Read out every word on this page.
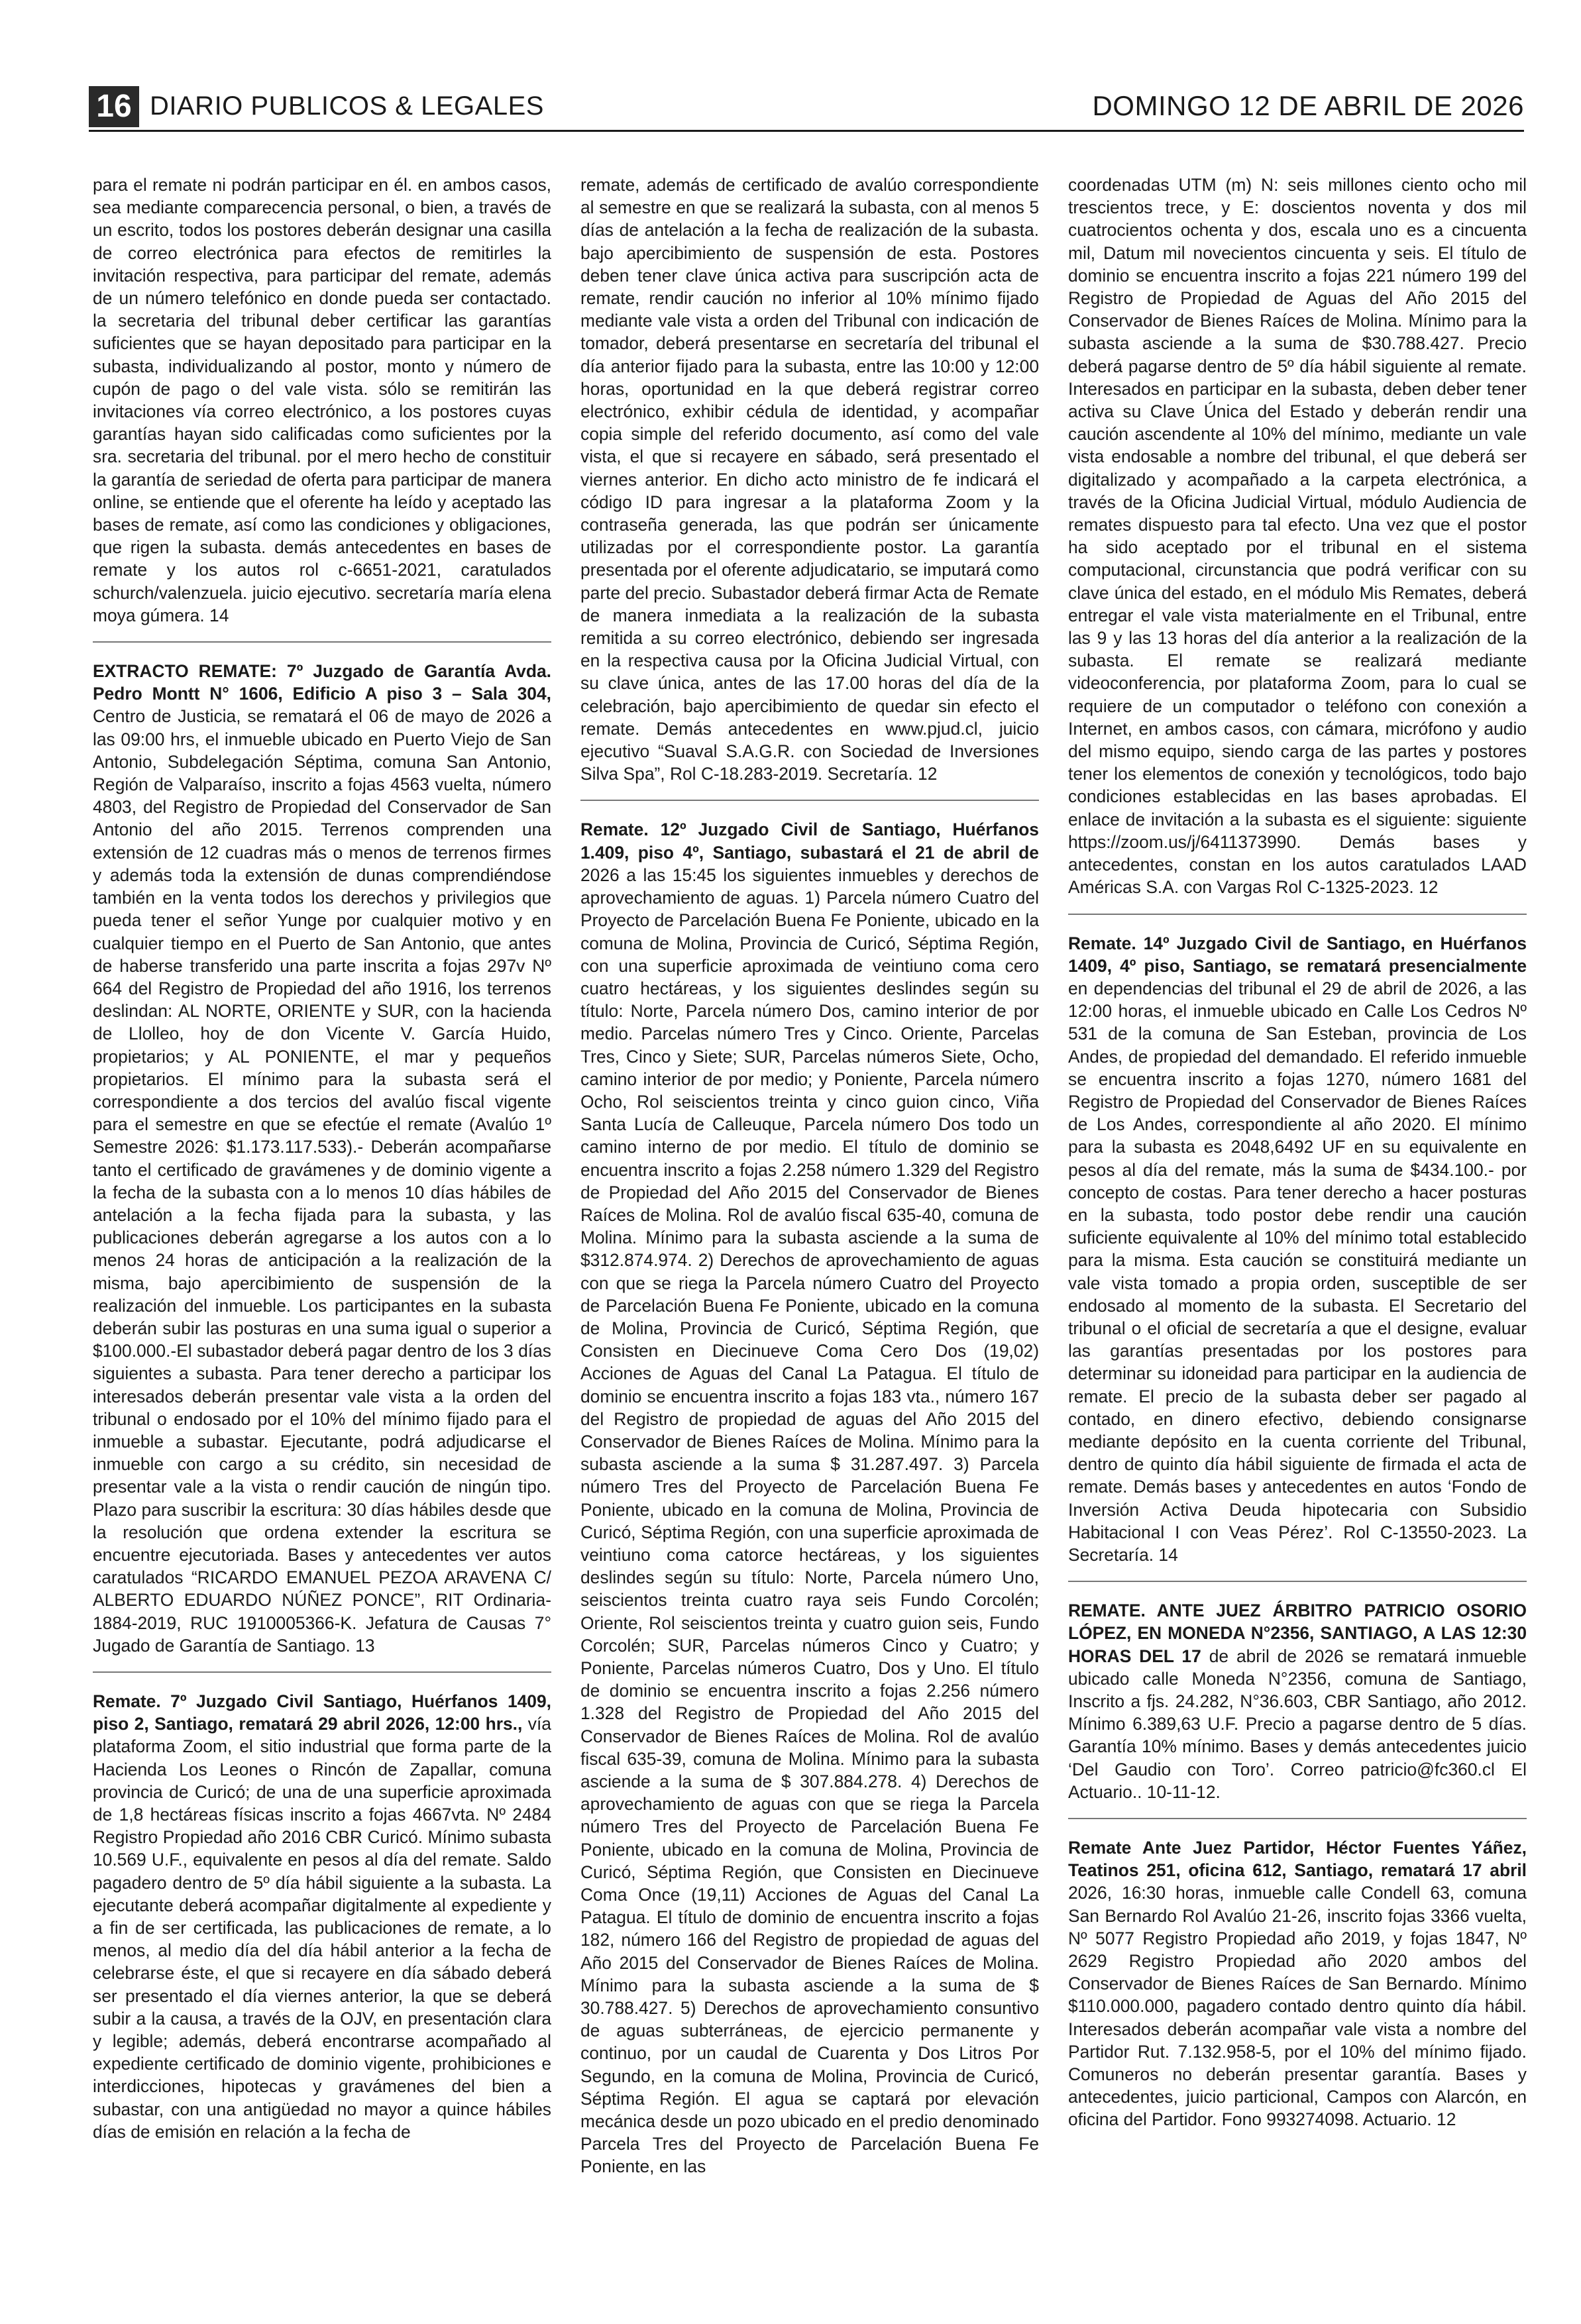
16 DIARIO PUBLICOS & LEGALES	DOMINGO 12 DE ABRIL DE 2026

para el remate ni podrán participar en él. en ambos casos, sea mediante comparecencia personal, o bien, a través de un escrito, todos los postores deberán designar una casilla de correo electrónica para efectos de remitirles la invitación respectiva, para participar del remate, además de un número telefónico en donde pueda ser contactado. la secretaria del tribunal deber certificar las garantías suficientes que se hayan depositado para participar en la subasta, individualizando al postor, monto y número de cupón de pago o del vale vista. sólo se remitirán las invitaciones vía correo electrónico, a los postores cuyas garantías hayan sido calificadas como suficientes por la sra. secretaria del tribunal. por el mero hecho de constituir la garantía de seriedad de oferta para participar de manera online, se entiende que el oferente ha leído y aceptado las bases de remate, así como las condiciones y obligaciones, que rigen la subasta. demás antecedentes en bases de remate y los autos rol c-6651-2021, caratulados schurch/valenzuela. juicio ejecutivo. secretaría maría elena moya gúmera. 14

EXTRACTO REMATE: 7º Juzgado de Garantía Avda. Pedro Montt N° 1606, Edificio A piso 3 – Sala 304, Centro de Justicia, se rematará el 06 de mayo de 2026 a las 09:00 hrs, el inmueble ubicado en Puerto Viejo de San Antonio, Subdelegación Séptima, comuna San Antonio, Región de Valparaíso, inscrito a fojas 4563 vuelta, número 4803, del Registro de Propiedad del Conservador de San Antonio del año 2015. Terrenos comprenden una extensión de 12 cuadras más o menos de terrenos firmes y además toda la extensión de dunas comprendiéndose también en la venta todos los derechos y privilegios que pueda tener el señor Yunge por cualquier motivo y en cualquier tiempo en el Puerto de San Antonio, que antes de haberse transferido una parte inscrita a fojas 297v Nº 664 del Registro de Propiedad del año 1916, los terrenos deslindan: AL NORTE, ORIENTE y SUR, con la hacienda de Llolleo, hoy de don Vicente V. García Huido, propietarios; y AL PONIENTE, el mar y pequeños propietarios. El mínimo para la subasta será el correspondiente a dos tercios del avalúo fiscal vigente para el semestre en que se efectúe el remate (Avalúo 1º Semestre 2026: $1.173.117.533).- Deberán acompañarse tanto el certificado de gravámenes y de dominio vigente a la fecha de la subasta con a lo menos 10 días hábiles de antelación a la fecha fijada para la subasta, y las publicaciones deberán agregarse a los autos con a lo menos 24 horas de anticipación a la realización de la misma, bajo apercibimiento de suspensión de la realización del inmueble. Los participantes en la subasta deberán subir las posturas en una suma igual o superior a $100.000.-El subastador deberá pagar dentro de los 3 días siguientes a subasta. Para tener derecho a participar los interesados deberán presentar vale vista a la orden del tribunal o endosado por el 10% del mínimo fijado para el inmueble a subastar. Ejecutante, podrá adjudicarse el inmueble con cargo a su crédito, sin necesidad de presentar vale a la vista o rendir caución de ningún tipo. Plazo para suscribir la escritura: 30 días hábiles desde que la resolución que ordena extender la escritura se encuentre ejecutoriada. Bases y antecedentes ver autos caratulados “RICARDO EMANUEL PEZOA ARAVENA C/ ALBERTO EDUARDO NÚÑEZ PONCE”, RIT Ordinaria-1884-2019, RUC 1910005366-K. Jefatura de Causas 7° Jugado de Garantía de Santiago. 13

Remate. 7º Juzgado Civil Santiago, Huérfanos 1409, piso 2, Santiago, rematará 29 abril 2026, 12:00 hrs., vía plataforma Zoom, el sitio industrial que forma parte de la Hacienda Los Leones o Rincón de Zapallar, comuna provincia de Curicó; de una de una superficie aproximada de 1,8 hectáreas físicas inscrito a fojas 4667vta. Nº 2484 Registro Propiedad año 2016 CBR Curicó. Mínimo subasta 10.569 U.F., equivalente en pesos al día del remate. Saldo pagadero dentro de 5º día hábil siguiente a la subasta. La ejecutante deberá acompañar digitalmente al expediente y a fin de ser certificada, las publicaciones de remate, a lo menos, al medio día del día hábil anterior a la fecha de celebrarse éste, el que si recayere en día sábado deberá ser presentado el día viernes anterior, la que se deberá subir a la causa, a través de la OJV, en presentación clara y legible; además, deberá encontrarse acompañado al expediente certificado de dominio vigente, prohibiciones e interdicciones, hipotecas y gravámenes del bien a subastar, con una antigüedad no mayor a quince hábiles días de emisión en relación a la fecha de

remate, además de certificado de avalúo correspondiente al semestre en que se realizará la subasta, con al menos 5 días de antelación a la fecha de realización de la subasta. bajo apercibimiento de suspensión de esta. Postores deben tener clave única activa para suscripción acta de remate, rendir caución no inferior al 10% mínimo fijado mediante vale vista a orden del Tribunal con indicación de tomador, deberá presentarse en secretaría del tribunal el día anterior fijado para la subasta, entre las 10:00 y 12:00 horas, oportunidad en la que deberá registrar correo electrónico, exhibir cédula de identidad, y acompañar copia simple del referido documento, así como del vale vista, el que si recayere en sábado, será presentado el viernes anterior. En dicho acto ministro de fe indicará el código ID para ingresar a la plataforma Zoom y la contraseña generada, las que podrán ser únicamente utilizadas por el correspondiente postor. La garantía presentada por el oferente adjudicatario, se imputará como parte del precio. Subastador deberá firmar Acta de Remate de manera inmediata a la realización de la subasta remitida a su correo electrónico, debiendo ser ingresada en la respectiva causa por la Oficina Judicial Virtual, con su clave única, antes de las 17.00 horas del día de la celebración, bajo apercibimiento de quedar sin efecto el remate. Demás antecedentes en www.pjud.cl, juicio ejecutivo “Suaval S.A.G.R. con Sociedad de Inversiones Silva Spa”, Rol C-18.283-2019. Secretaría. 12

Remate. 12º Juzgado Civil de Santiago, Huérfanos 1.409, piso 4º, Santiago, subastará el 21 de abril de 2026 a las 15:45 los siguientes inmuebles y derechos de aprovechamiento de aguas. 1) Parcela número Cuatro del Proyecto de Parcelación Buena Fe Poniente, ubicado en la comuna de Molina, Provincia de Curicó, Séptima Región, con una superficie aproximada de veintiuno coma cero cuatro hectáreas, y los siguientes deslindes según su título: Norte, Parcela número Dos, camino interior de por medio. Parcelas número Tres y Cinco. Oriente, Parcelas Tres, Cinco y Siete; SUR, Parcelas números Siete, Ocho, camino interior de por medio; y Poniente, Parcela número Ocho, Rol seiscientos treinta y cinco guion cinco, Viña Santa Lucía de Calleuque, Parcela número Dos todo un camino interno de por medio. El título de dominio se encuentra inscrito a fojas 2.258 número 1.329 del Registro de Propiedad del Año 2015 del Conservador de Bienes Raíces de Molina. Rol de avalúo fiscal 635-40, comuna de Molina. Mínimo para la subasta asciende a la suma de $312.874.974. 2) Derechos de aprovechamiento de aguas con que se riega la Parcela número Cuatro del Proyecto de Parcelación Buena Fe Poniente, ubicado en la comuna de Molina, Provincia de Curicó, Séptima Región, que Consisten en Diecinueve Coma Cero Dos (19,02) Acciones de Aguas del Canal La Patagua. El título de dominio se encuentra inscrito a fojas 183 vta., número 167 del Registro de propiedad de aguas del Año 2015 del Conservador de Bienes Raíces de Molina. Mínimo para la subasta asciende a la suma $ 31.287.497. 3) Parcela número Tres del Proyecto de Parcelación Buena Fe Poniente, ubicado en la comuna de Molina, Provincia de Curicó, Séptima Región, con una superficie aproximada de veintiuno coma catorce hectáreas, y los siguientes deslindes según su título: Norte, Parcela número Uno, seiscientos treinta cuatro raya seis Fundo Corcolén; Oriente, Rol seiscientos treinta y cuatro guion seis, Fundo Corcolén; SUR, Parcelas números Cinco y Cuatro; y Poniente, Parcelas números Cuatro, Dos y Uno. El título de dominio se encuentra inscrito a fojas 2.256 número 1.328 del Registro de Propiedad del Año 2015 del Conservador de Bienes Raíces de Molina. Rol de avalúo fiscal 635-39, comuna de Molina. Mínimo para la subasta asciende a la suma de $ 307.884.278. 4) Derechos de aprovechamiento de aguas con que se riega la Parcela número Tres del Proyecto de Parcelación Buena Fe Poniente, ubicado en la comuna de Molina, Provincia de Curicó, Séptima Región, que Consisten en Diecinueve Coma Once (19,11) Acciones de Aguas del Canal La Patagua. El título de dominio de encuentra inscrito a fojas 182, número 166 del Registro de propiedad de aguas del Año 2015 del Conservador de Bienes Raíces de Molina. Mínimo para la subasta asciende a la suma de $ 30.788.427. 5) Derechos de aprovechamiento consuntivo de aguas subterráneas, de ejercicio permanente y continuo, por un caudal de Cuarenta y Dos Litros Por Segundo, en la comuna de Molina, Provincia de Curicó, Séptima Región. El agua se captará por elevación mecánica desde un pozo ubicado en el predio denominado Parcela Tres del Proyecto de Parcelación Buena Fe Poniente, en las

coordenadas UTM (m) N: seis millones ciento ocho mil trescientos trece, y E: doscientos noventa y dos mil cuatrocientos ochenta y dos, escala uno es a cincuenta mil, Datum mil novecientos cincuenta y seis. El título de dominio se encuentra inscrito a fojas 221 número 199 del Registro de Propiedad de Aguas del Año 2015 del Conservador de Bienes Raíces de Molina. Mínimo para la subasta asciende a la suma de $30.788.427. Precio deberá pagarse dentro de 5º día hábil siguiente al remate. Interesados en participar en la subasta, deben deber tener activa su Clave Única del Estado y deberán rendir una caución ascendente al 10% del mínimo, mediante un vale vista endosable a nombre del tribunal, el que deberá ser digitalizado y acompañado a la carpeta electrónica, a través de la Oficina Judicial Virtual, módulo Audiencia de remates dispuesto para tal efecto. Una vez que el postor ha sido aceptado por el tribunal en el sistema computacional, circunstancia que podrá verificar con su clave única del estado, en el módulo Mis Remates, deberá entregar el vale vista materialmente en el Tribunal, entre las 9 y las 13 horas del día anterior a la realización de la subasta. El remate se realizará mediante videoconferencia, por plataforma Zoom, para lo cual se requiere de un computador o teléfono con conexión a Internet, en ambos casos, con cámara, micrófono y audio del mismo equipo, siendo carga de las partes y postores tener los elementos de conexión y tecnológicos, todo bajo condiciones establecidas en las bases aprobadas. El enlace de invitación a la subasta es el siguiente: siguiente https://zoom.us/j/6411373990. Demás bases y antecedentes, constan en los autos caratulados LAAD Américas S.A. con Vargas Rol C-1325-2023. 12

Remate. 14º Juzgado Civil de Santiago, en Huérfanos 1409, 4º piso, Santiago, se rematará presencialmente en dependencias del tribunal el 29 de abril de 2026, a las 12:00 horas, el inmueble ubicado en Calle Los Cedros Nº 531 de la comuna de San Esteban, provincia de Los Andes, de propiedad del demandado. El referido inmueble se encuentra inscrito a fojas 1270, número 1681 del Registro de Propiedad del Conservador de Bienes Raíces de Los Andes, correspondiente al año 2020. El mínimo para la subasta es 2048,6492 UF en su equivalente en pesos al día del remate, más la suma de $434.100.- por concepto de costas. Para tener derecho a hacer posturas en la subasta, todo postor debe rendir una caución suficiente equivalente al 10% del mínimo total establecido para la misma. Esta caución se constituirá mediante un vale vista tomado a propia orden, susceptible de ser endosado al momento de la subasta. El Secretario del tribunal o el oficial de secretaría a que el designe, evaluar las garantías presentadas por los postores para determinar su idoneidad para participar en la audiencia de remate. El precio de la subasta deber ser pagado al contado, en dinero efectivo, debiendo consignarse mediante depósito en la cuenta corriente del Tribunal, dentro de quinto día hábil siguiente de firmada el acta de remate. Demás bases y antecedentes en autos ‘Fondo de Inversión Activa Deuda hipotecaria con Subsidio Habitacional I con Veas Pérez’. Rol C-13550-2023. La Secretaría. 14

REMATE. ANTE JUEZ ÁRBITRO PATRICIO OSORIO LÓPEZ, EN MONEDA N°2356, SANTIAGO, A LAS 12:30 HORAS DEL 17 de abril de 2026 se rematará inmueble ubicado calle Moneda N°2356, comuna de Santiago, Inscrito a fjs. 24.282, N°36.603, CBR Santiago, año 2012. Mínimo 6.389,63 U.F. Precio a pagarse dentro de 5 días. Garantía 10% mínimo. Bases y demás antecedentes juicio ‘Del Gaudio con Toro’. Correo patricio@fc360.cl El Actuario.. 10-11-12.

Remate Ante Juez Partidor, Héctor Fuentes Yáñez, Teatinos 251, oficina 612, Santiago, rematará 17 abril 2026, 16:30 horas, inmueble calle Condell 63, comuna San Bernardo Rol Avalúo 21-26, inscrito fojas 3366 vuelta, Nº 5077 Registro Propiedad año 2019, y fojas 1847, Nº 2629 Registro Propiedad año 2020 ambos del Conservador de Bienes Raíces de San Bernardo. Mínimo $110.000.000, pagadero contado dentro quinto día hábil. Interesados deberán acompañar vale vista a nombre del Partidor Rut. 7.132.958-5, por el 10% del mínimo fijado. Comuneros no deberán presentar garantía. Bases y antecedentes, juicio particional, Campos con Alarcón, en oficina del Partidor. Fono 993274098. Actuario. 12
